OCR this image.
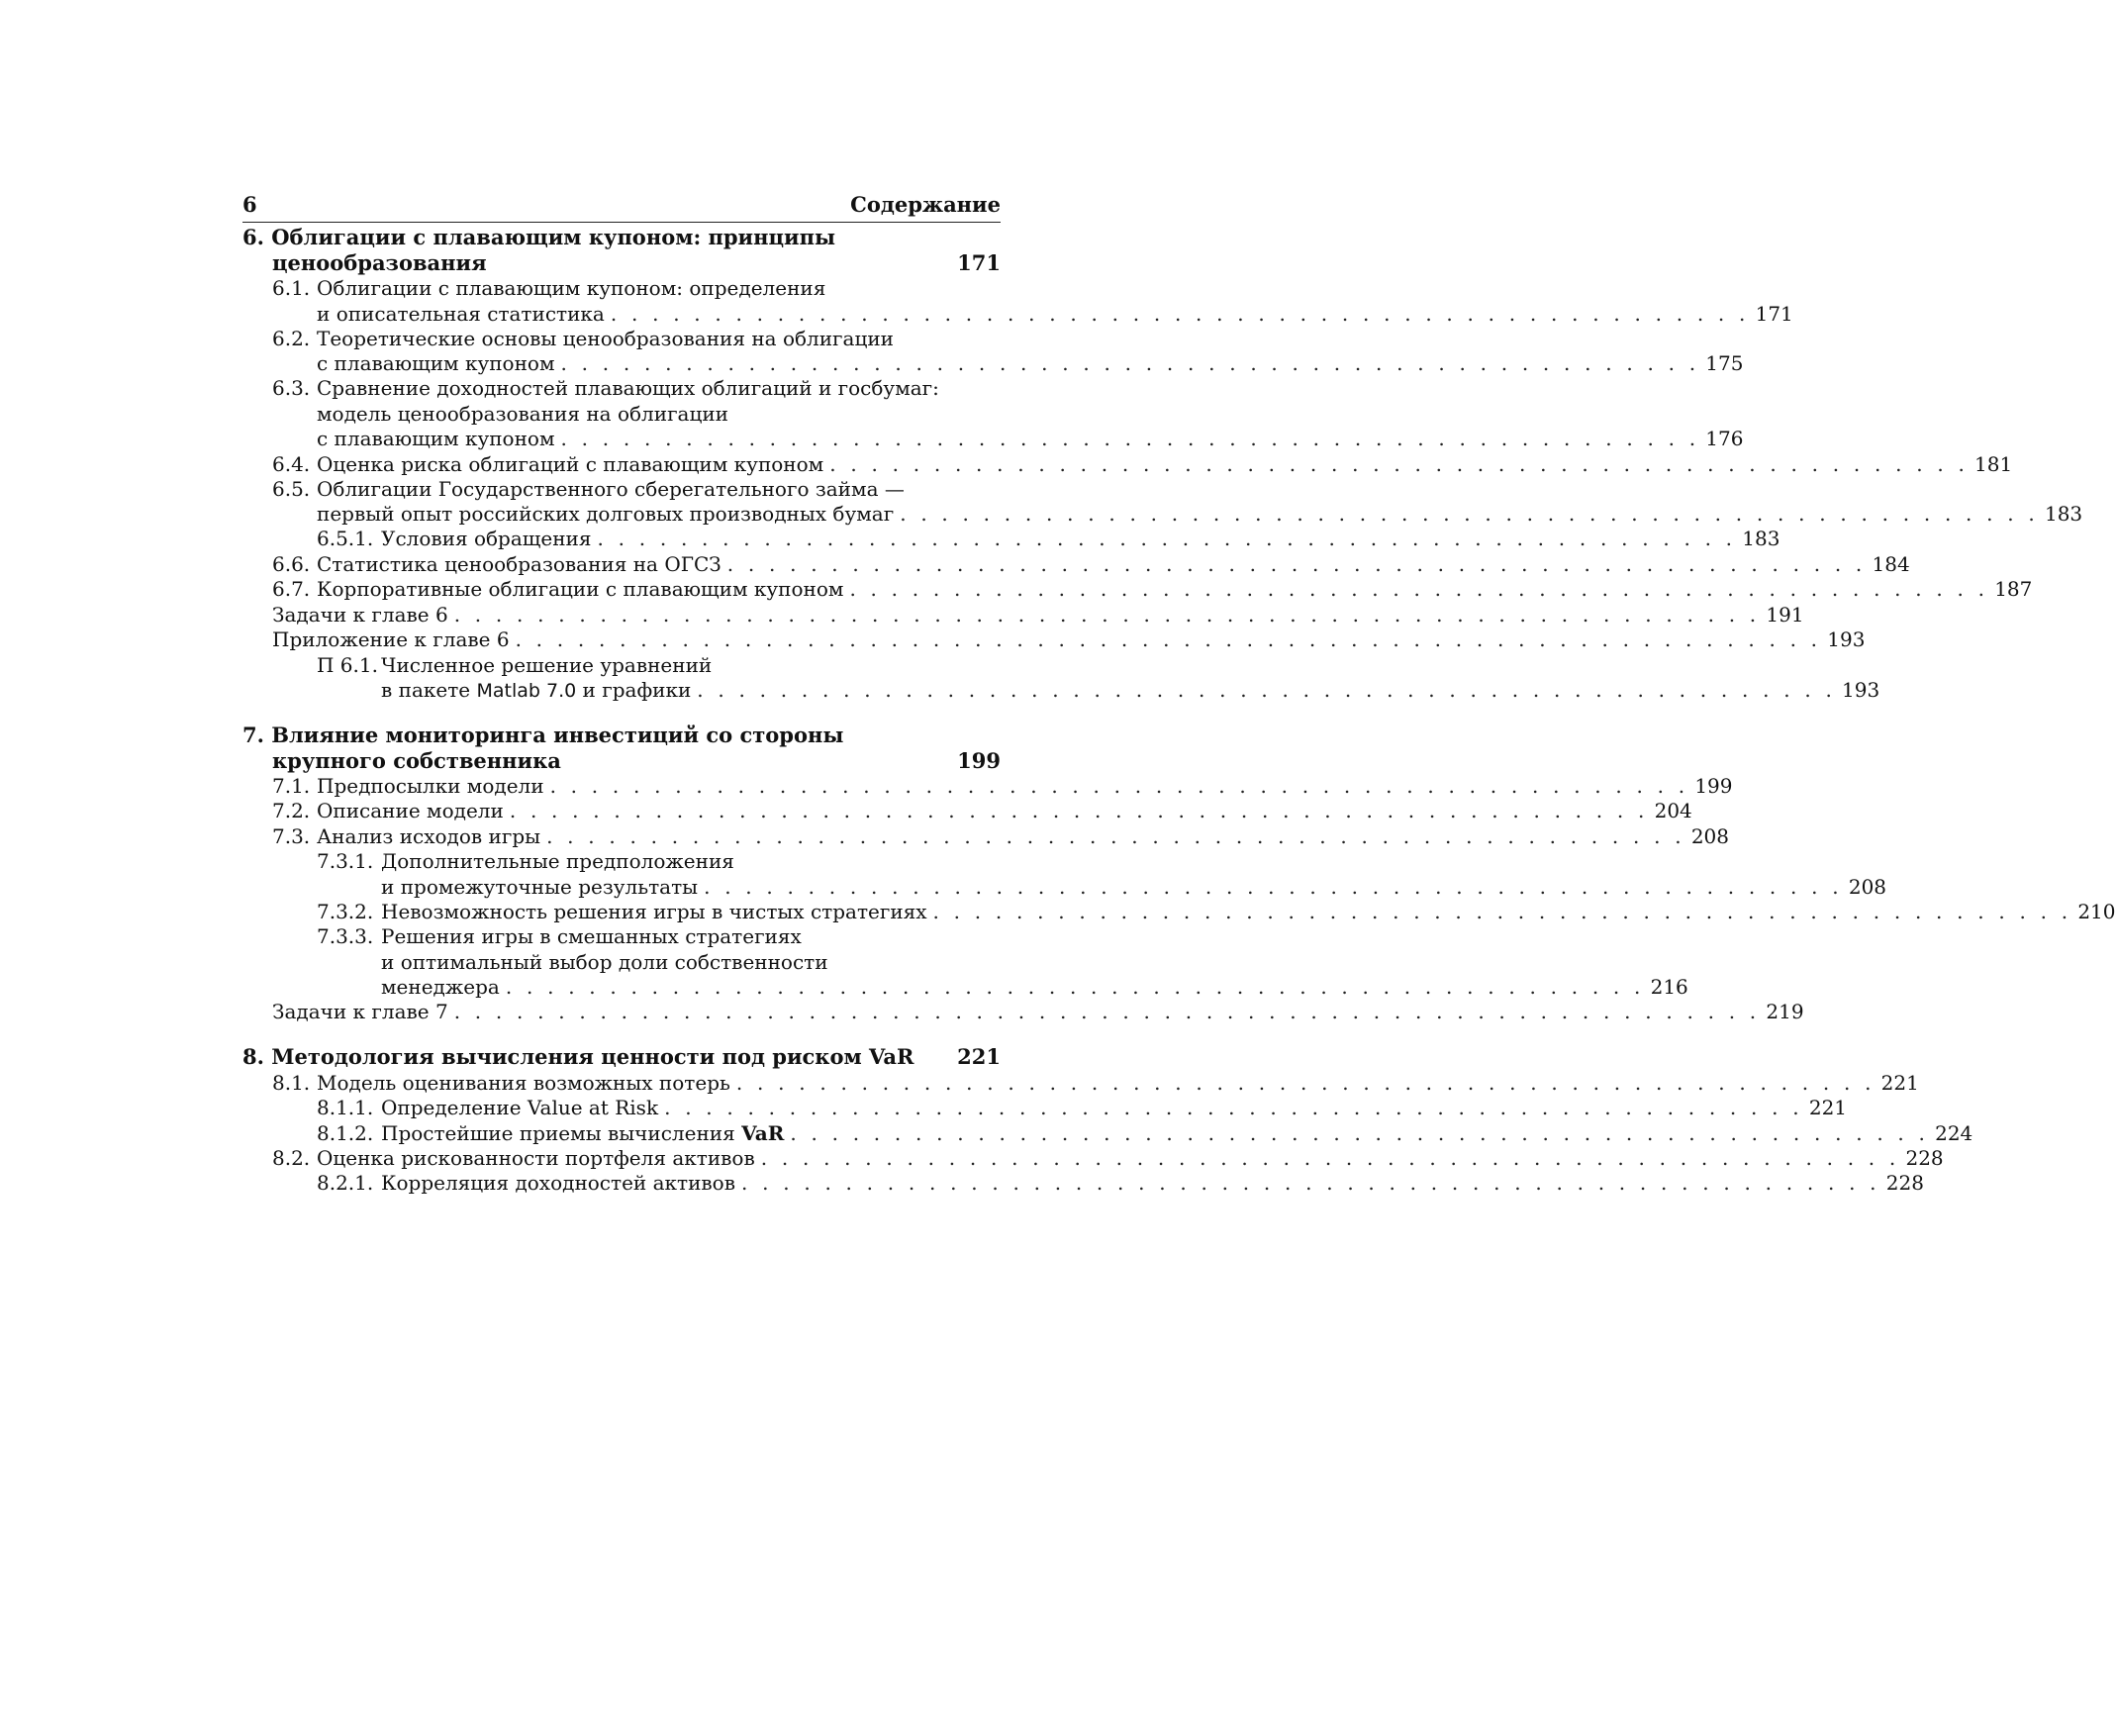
6	Содержание
6. Облигации с плавающим купоном: принципы
ценообразования	171
6.1. Облигации с плавающим купоном: определения
и описательная статистика . . . . . . . . . . . . . . . . . . . . . . . . . . . . . . . . . . . . . . . . . . . . . . . . . . . . . . . 171
6.2. Теоретические основы ценообразования на облигации
с плавающим купоном . . . . . . . . . . . . . . . . . . . . . . . . . . . . . . . . . . . . . . . . . . . . . . . . . . . . . . . 175
6.3. Сравнение доходностей плавающих облигаций и госбумаг:
модель ценообразования на облигации
с плавающим купоном . . . . . . . . . . . . . . . . . . . . . . . . . . . . . . . . . . . . . . . . . . . . . . . . . . . . . . . 176
6.4. Оценка риска облигаций с плавающим купоном . . . . . . . . . . . . . . . . . . . . . . . . . . . . . . . . . . . . . . . . . . . . . . . . . . . . . . . 181
6.5. Облигации Государственного сберегательного займа —
первый опыт российских долговых производных бумаг . . . . . . . . . . . . . . . . . . . . . . . . . . . . . . . . . . . . . . . . . . . . . . . . . . . . . . . 183
6.5.1. Условия обращения . . . . . . . . . . . . . . . . . . . . . . . . . . . . . . . . . . . . . . . . . . . . . . . . . . . . . . . 183
6.6. Статистика ценообразования на ОГСЗ . . . . . . . . . . . . . . . . . . . . . . . . . . . . . . . . . . . . . . . . . . . . . . . . . . . . . . . 184
6.7. Корпоративные облигации с плавающим купоном . . . . . . . . . . . . . . . . . . . . . . . . . . . . . . . . . . . . . . . . . . . . . . . . . . . . . . . 187
Задачи к главе 6 . . . . . . . . . . . . . . . . . . . . . . . . . . . . . . . . . . . . . . . . . . . . . . . . . . . . . . . . . . . . . . . 191
Приложение к главе 6 . . . . . . . . . . . . . . . . . . . . . . . . . . . . . . . . . . . . . . . . . . . . . . . . . . . . . . . . . . . . . . . 193
П 6.1. Численное решение уравнений
в пакете Matlab 7.0 и графики . . . . . . . . . . . . . . . . . . . . . . . . . . . . . . . . . . . . . . . . . . . . . . . . . . . . . . . 193
7. Влияние мониторинга инвестиций со стороны
крупного собственника	199
7.1. Предпосылки модели . . . . . . . . . . . . . . . . . . . . . . . . . . . . . . . . . . . . . . . . . . . . . . . . . . . . . . . 199
7.2. Описание модели . . . . . . . . . . . . . . . . . . . . . . . . . . . . . . . . . . . . . . . . . . . . . . . . . . . . . . . 204
7.3. Анализ исходов игры . . . . . . . . . . . . . . . . . . . . . . . . . . . . . . . . . . . . . . . . . . . . . . . . . . . . . . . 208
7.3.1. Дополнительные предположения
и промежуточные результаты . . . . . . . . . . . . . . . . . . . . . . . . . . . . . . . . . . . . . . . . . . . . . . . . . . . . . . . 208
7.3.2. Невозможность решения игры в чистых стратегиях . . . . . . . . . . . . . . . . . . . . . . . . . . . . . . . . . . . . . . . . . . . . . . . . . . . . . . . 210
7.3.3. Решения игры в смешанных стратегиях
и оптимальный выбор доли собственности
менеджера . . . . . . . . . . . . . . . . . . . . . . . . . . . . . . . . . . . . . . . . . . . . . . . . . . . . . . . 216
Задачи к главе 7 . . . . . . . . . . . . . . . . . . . . . . . . . . . . . . . . . . . . . . . . . . . . . . . . . . . . . . . . . . . . . . . 219
8. Методология вычисления ценности под риском VaR 221
8.1. Модель оценивания возможных потерь . . . . . . . . . . . . . . . . . . . . . . . . . . . . . . . . . . . . . . . . . . . . . . . . . . . . . . . 221
8.1.1. Определение Value at Risk . . . . . . . . . . . . . . . . . . . . . . . . . . . . . . . . . . . . . . . . . . . . . . . . . . . . . . . 221
8.1.2. Простейшие приемы вычисления VaR . . . . . . . . . . . . . . . . . . . . . . . . . . . . . . . . . . . . . . . . . . . . . . . . . . . . . . . 224
8.2. Оценка рискованности портфеля активов . . . . . . . . . . . . . . . . . . . . . . . . . . . . . . . . . . . . . . . . . . . . . . . . . . . . . . . 228
8.2.1. Корреляция доходностей активов . . . . . . . . . . . . . . . . . . . . . . . . . . . . . . . . . . . . . . . . . . . . . . . . . . . . . . . 228
